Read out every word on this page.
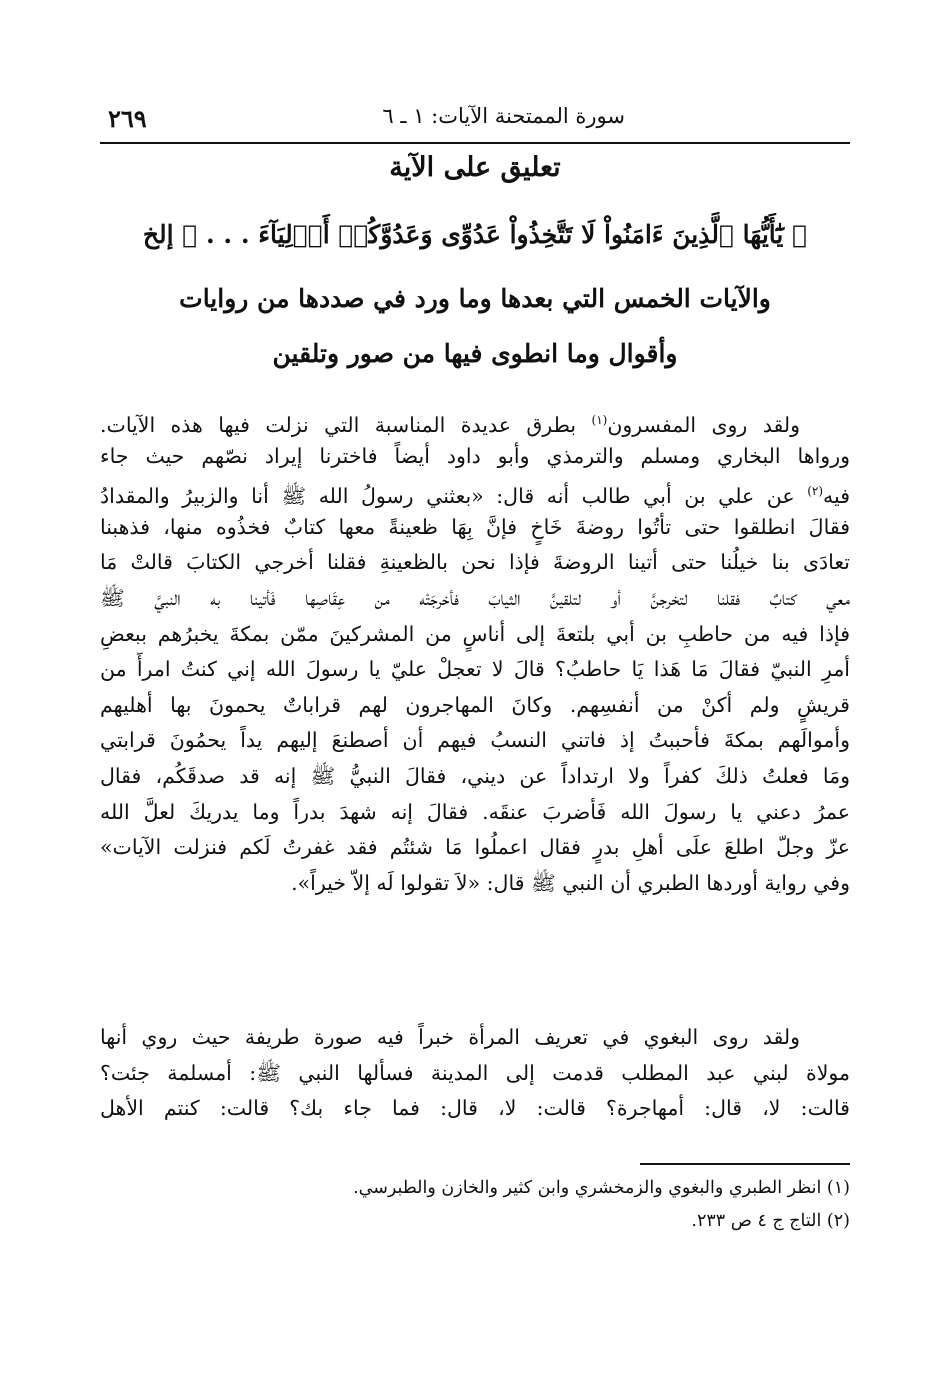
سورة الممتحنة الآيات: ١ ـ ٦
٢٦٩
تعليق على الآية
﴿ يَٰٓأَيُّهَا ٱلَّذِينَ ءَامَنُواْ لَا تَتَّخِذُواْ عَدُوِّى وَعَدُوَّكُمۡ أَوۡلِيَآءَ . . . ﴾ إلخ
والآيات الخمس التي بعدها وما ورد في صددها من روايات
وأقوال وما انطوى فيها من صور وتلقين
ولقد روى المفسرون$^{(١)}$ بطرق عديدة المناسبة التي نزلت فيها هذه الآيات.
ورواها البخاري ومسلم والترمذي وأبو داود أيضاً فاخترنا إيراد نصّهم حيث جاء
فيه$^{(٢)}$ عن علي بن أبي طالب أنه قال: «بعثني رسولُ الله ﷺ أنا والزبيرُ والمقدادُ
فقالَ انطلقوا حتى تأتُوا روضةَ خَاخٍ فإنَّ بِهَا ظعينةً معها كتابٌ فخذُوه منها، فذهبنا
تعادَى بنا خيلُنا حتى أتينا الروضةَ فإذا نحن بالظعينةِ فقلنا أخرجي الكتابَ قالتْ مَا
معي كتابٌ فقلنا لتخرجنَّ أو لتلقينَّ الثيابَ فأخرجَتْه من عِقَاصِها فَأتينا به النبيَّ ﷺ
فإذا فيه من حاطبِ بن أبي بلتعةَ إلى أناسٍ من المشركينَ ممّن بمكةَ يخبرُهم ببعضِ
أمرِ النبيّ فقالَ مَا هَذا يَا حاطبُ؟ قالَ لا تعجلْ عليّ يا رسولَ الله إني كنتُ امرأً من
قريشٍ ولم أكنْ من أنفسِهم. وكانَ المهاجرون لهم قراباتٌ يحمونَ بها أهليهم
وأموالَهم بمكةَ فأحببتُ إذ فاتني النسبُ فيهم أن أصطنعَ إليهم يداً يحمُونَ قرابتي
ومَا فعلتُ ذلكَ كفراً ولا ارتداداً عن ديني، فقالَ النبيُّ ﷺ إنه قد صدقَكُم، فقال
عمرُ دعني يا رسولَ الله فَأضربَ عنقَه. فقالَ إنه شهدَ بدراً وما يدريكَ لعلَّ الله
عزّ وجلّ اطلعَ علَى أهلِ بدرٍ فقال اعملُوا مَا شئتُم فقد غفرتُ لَكم فنزلت الآيات»
وفي رواية أوردها الطبري أن النبي ﷺ قال: «لاَ تقولوا لَه إلاّ خيراً».
ولقد روى البغوي في تعريف المرأة خبراً فيه صورة طريفة حيث روي أنها
مولاة لبني عبد المطلب قدمت إلى المدينة فسألها النبي ﷺ: أمسلمة جئت؟
قالت: لا، قال: أمهاجرة؟ قالت: لا، قال: فما جاء بك؟ قالت: كنتم الأهل
(١) انظر الطبري والبغوي والزمخشري وابن كثير والخازن والطبرسي.
(٢) التاج ج ٤ ص ٢٣٣.
